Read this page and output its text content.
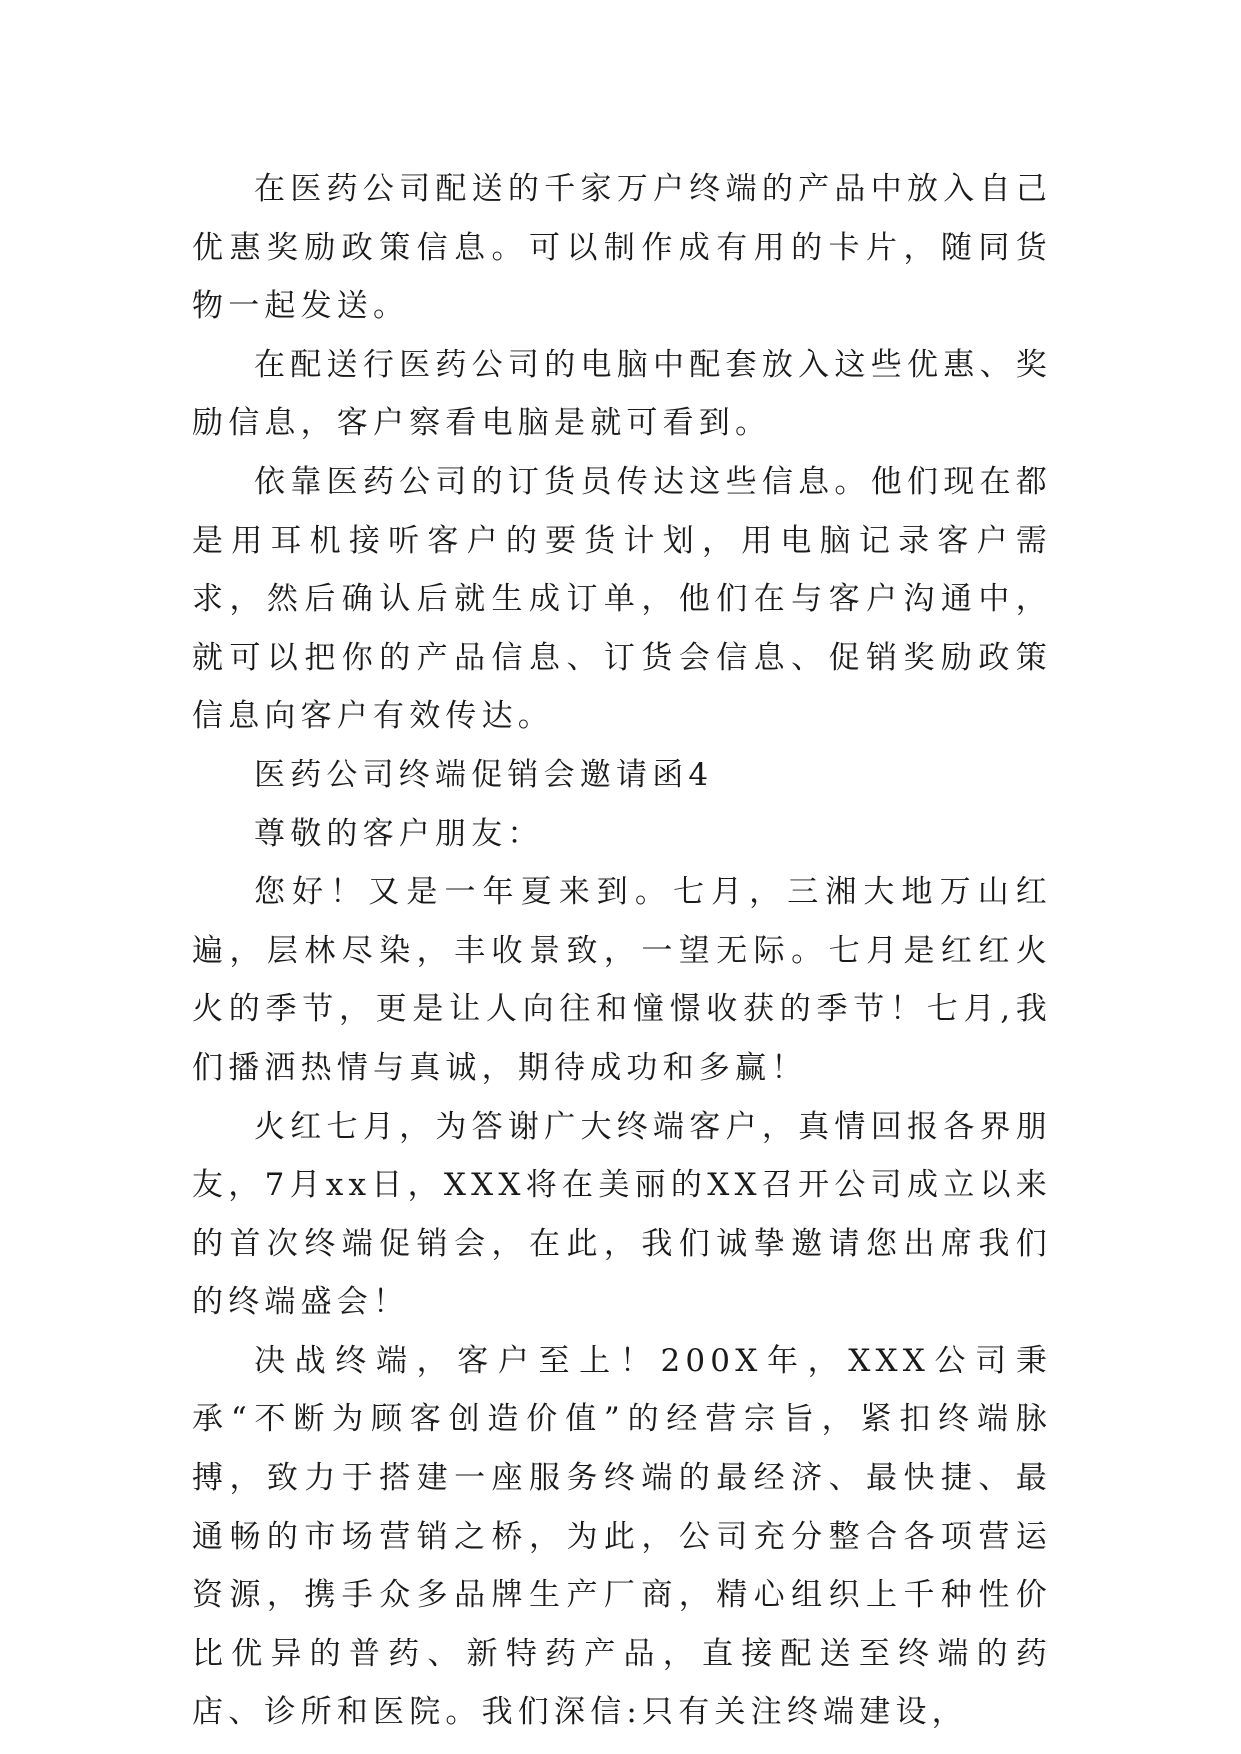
在医药公司配送的千家万户终端的产品中放入自己优惠奖励政策信息。可以制作成有用的卡片，随同货物一起发送。

在配送行医药公司的电脑中配套放入这些优惠、奖励信息，客户察看电脑是就可看到。

依靠医药公司的订货员传达这些信息。他们现在都是用耳机接听客户的要货计划，用电脑记录客户需求，然后确认后就生成订单，他们在与客户沟通中，就可以把你的产品信息、订货会信息、促销奖励政策信息向客户有效传达。

医药公司终端促销会邀请函4

尊敬的客户朋友：

您好！又是一年夏来到。七月，三湘大地万山红遍，层林尽染，丰收景致，一望无际。七月是红红火火的季节，更是让人向往和憧憬收获的季节！七月,我们播洒热情与真诚，期待成功和多赢！

火红七月，为答谢广大终端客户，真情回报各界朋友，7月xx日，XXX将在美丽的XX召开公司成立以来的首次终端促销会，在此，我们诚挚邀请您出席我们的终端盛会！

决战终端，客户至上！200X年，XXX公司秉承“不断为顾客创造价值”的经营宗旨，紧扣终端脉搏，致力于搭建一座服务终端的最经济、最快捷、最通畅的市场营销之桥，为此，公司充分整合各项营运资源，携手众多品牌生产厂商，精心组织上千种性价比优异的普药、新特药产品，直接配送至终端的药店、诊所和医院。我们深信:只有关注终端建设，
